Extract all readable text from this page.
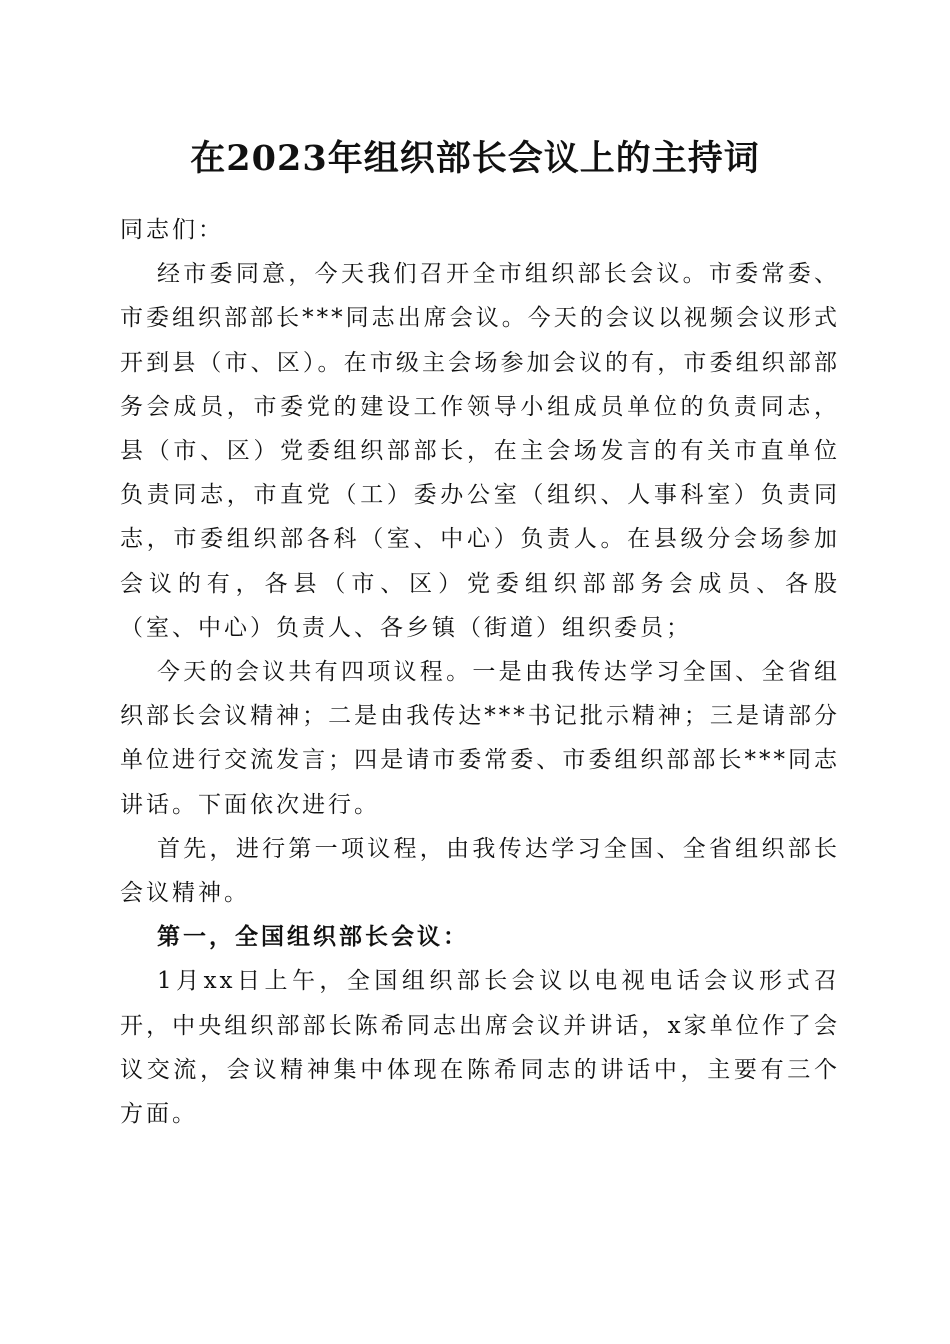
在2023年组织部长会议上的主持词

同志们：

经市委同意，今天我们召开全市组织部长会议。市委常委、市委组织部部长***同志出席会议。今天的会议以视频会议形式开到县（市、区）。在市级主会场参加会议的有，市委组织部部务会成员，市委党的建设工作领导小组成员单位的负责同志，县（市、区）党委组织部部长，在主会场发言的有关市直单位负责同志，市直党（工）委办公室（组织、人事科室）负责同志，市委组织部各科（室、中心）负责人。在县级分会场参加会议的有，各县（市、区）党委组织部部务会成员、各股（室、中心）负责人、各乡镇（街道）组织委员；

今天的会议共有四项议程。一是由我传达学习全国、全省组织部长会议精神；二是由我传达***书记批示精神；三是请部分单位进行交流发言；四是请市委常委、市委组织部部长***同志讲话。下面依次进行。

首先，进行第一项议程，由我传达学习全国、全省组织部长会议精神。

第一，全国组织部长会议：

1月xx日上午，全国组织部长会议以电视电话会议形式召开，中央组织部部长陈希同志出席会议并讲话，x家单位作了会议交流，会议精神集中体现在陈希同志的讲话中，主要有三个方面。
